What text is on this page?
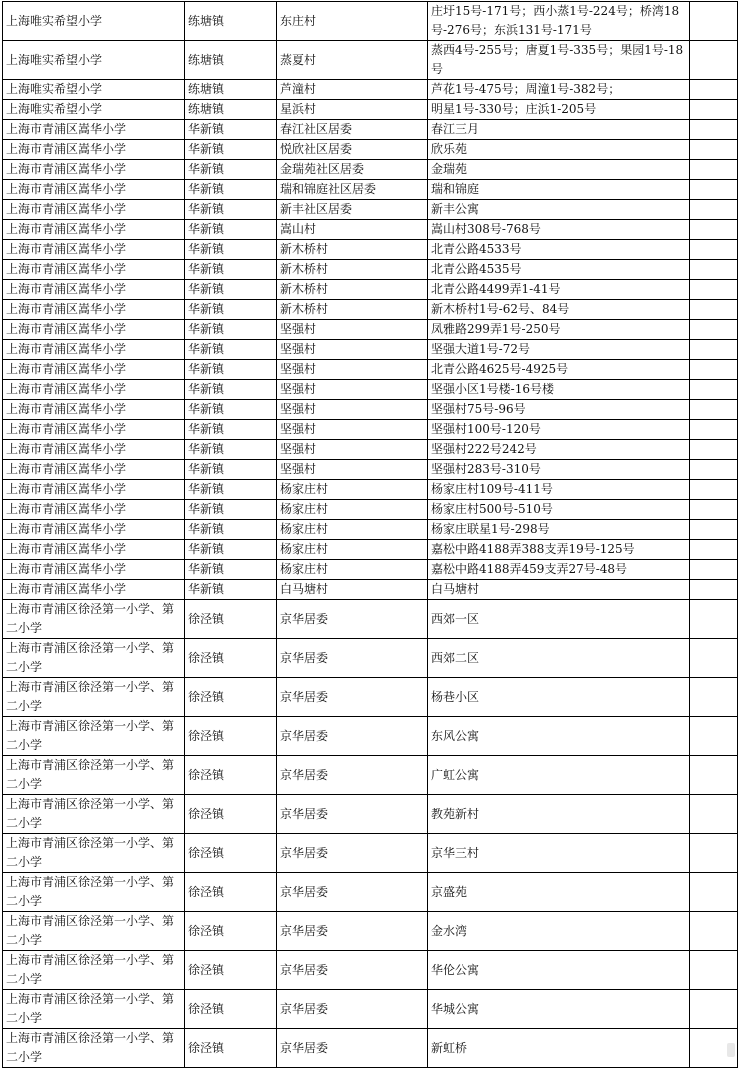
上海唯实希望小学	练塘镇	东庄村	庄圩15号-171号；西小蒸1号-224号；桥湾18号-276号；东浜131号-171号	
上海唯实希望小学	练塘镇	蒸夏村	蒸西4号-255号；唐夏1号-335号；果园1号-18号	
上海唯实希望小学	练塘镇	芦潼村	芦花1号-475号；周潼1号-382号；	
上海唯实希望小学	练塘镇	星浜村	明星1号-330号；庄浜1-205号	
上海市青浦区嵩华小学	华新镇	春江社区居委	春江三月	
上海市青浦区嵩华小学	华新镇	悦欣社区居委	欣乐苑	
上海市青浦区嵩华小学	华新镇	金瑞苑社区居委	金瑞苑	
上海市青浦区嵩华小学	华新镇	瑞和锦庭社区居委	瑞和锦庭	
上海市青浦区嵩华小学	华新镇	新丰社区居委	新丰公寓	
上海市青浦区嵩华小学	华新镇	嵩山村	嵩山村308号-768号	
上海市青浦区嵩华小学	华新镇	新木桥村	北青公路4533号	
上海市青浦区嵩华小学	华新镇	新木桥村	北青公路4535号	
上海市青浦区嵩华小学	华新镇	新木桥村	北青公路4499弄1-41号	
上海市青浦区嵩华小学	华新镇	新木桥村	新木桥村1号-62号、84号	
上海市青浦区嵩华小学	华新镇	坚强村	凤雅路299弄1号-250号	
上海市青浦区嵩华小学	华新镇	坚强村	坚强大道1号-72号	
上海市青浦区嵩华小学	华新镇	坚强村	北青公路4625号-4925号	
上海市青浦区嵩华小学	华新镇	坚强村	坚强小区1号楼-16号楼	
上海市青浦区嵩华小学	华新镇	坚强村	坚强村75号-96号	
上海市青浦区嵩华小学	华新镇	坚强村	坚强村100号-120号	
上海市青浦区嵩华小学	华新镇	坚强村	坚强村222号242号	
上海市青浦区嵩华小学	华新镇	坚强村	坚强村283号-310号	
上海市青浦区嵩华小学	华新镇	杨家庄村	杨家庄村109号-411号	
上海市青浦区嵩华小学	华新镇	杨家庄村	杨家庄村500号-510号	
上海市青浦区嵩华小学	华新镇	杨家庄村	杨家庄联星1号-298号	
上海市青浦区嵩华小学	华新镇	杨家庄村	嘉松中路4188弄388支弄19号-125号	
上海市青浦区嵩华小学	华新镇	杨家庄村	嘉松中路4188弄459支弄27号-48号	
上海市青浦区嵩华小学	华新镇	白马塘村	白马塘村	
上海市青浦区徐泾第一小学、第二小学	徐泾镇	京华居委	西郊一区	
上海市青浦区徐泾第一小学、第二小学	徐泾镇	京华居委	西郊二区	
上海市青浦区徐泾第一小学、第二小学	徐泾镇	京华居委	杨巷小区	
上海市青浦区徐泾第一小学、第二小学	徐泾镇	京华居委	东风公寓	
上海市青浦区徐泾第一小学、第二小学	徐泾镇	京华居委	广虹公寓	
上海市青浦区徐泾第一小学、第二小学	徐泾镇	京华居委	教苑新村	
上海市青浦区徐泾第一小学、第二小学	徐泾镇	京华居委	京华三村	
上海市青浦区徐泾第一小学、第二小学	徐泾镇	京华居委	京盛苑	
上海市青浦区徐泾第一小学、第二小学	徐泾镇	京华居委	金水湾	
上海市青浦区徐泾第一小学、第二小学	徐泾镇	京华居委	华伦公寓	
上海市青浦区徐泾第一小学、第二小学	徐泾镇	京华居委	华城公寓	
上海市青浦区徐泾第一小学、第二小学	徐泾镇	京华居委	新虹桥	
